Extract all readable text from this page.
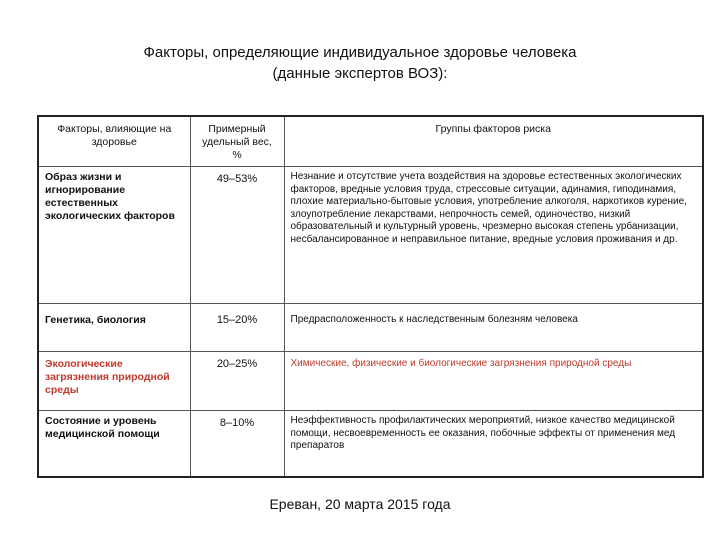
Факторы, определяющие индивидуальное здоровье человека
(данные экспертов ВОЗ):
Факторы, влияющие на здоровье	Примерный удельный вес, %	Группы факторов риска
Образ жизни и игнорирование естественных экологических факторов	49–53%	Незнание и отсутствие учета воздействия на здоровье естественных экологических факторов, вредные условия труда, стрессовые ситуации, адинамия, гиподинамия, плохие материально-бытовые условия, употребление алкоголя, наркотиков курение, злоупотребление лекарствами, непрочность семей, одиночество, низкий образовательный и культурный уровень, чрезмерно высокая степень урбанизации, несбалансированное и неправильное питание, вредные условия проживания и др.
Генетика, биология	15–20%	Предрасположенность к наследственным болезням человека
Экологические загрязнения природной среды	20–25%	Химические, физические и биологические загрязнения природной среды
Состояние и уровень медицинской помощи	8–10%	Неэффективность профилактических мероприятий, низкое качество медицинской помощи, несвоевременность ее оказания, побочные эффекты от применения мед препаратов
Ереван, 20 марта 2015 года
